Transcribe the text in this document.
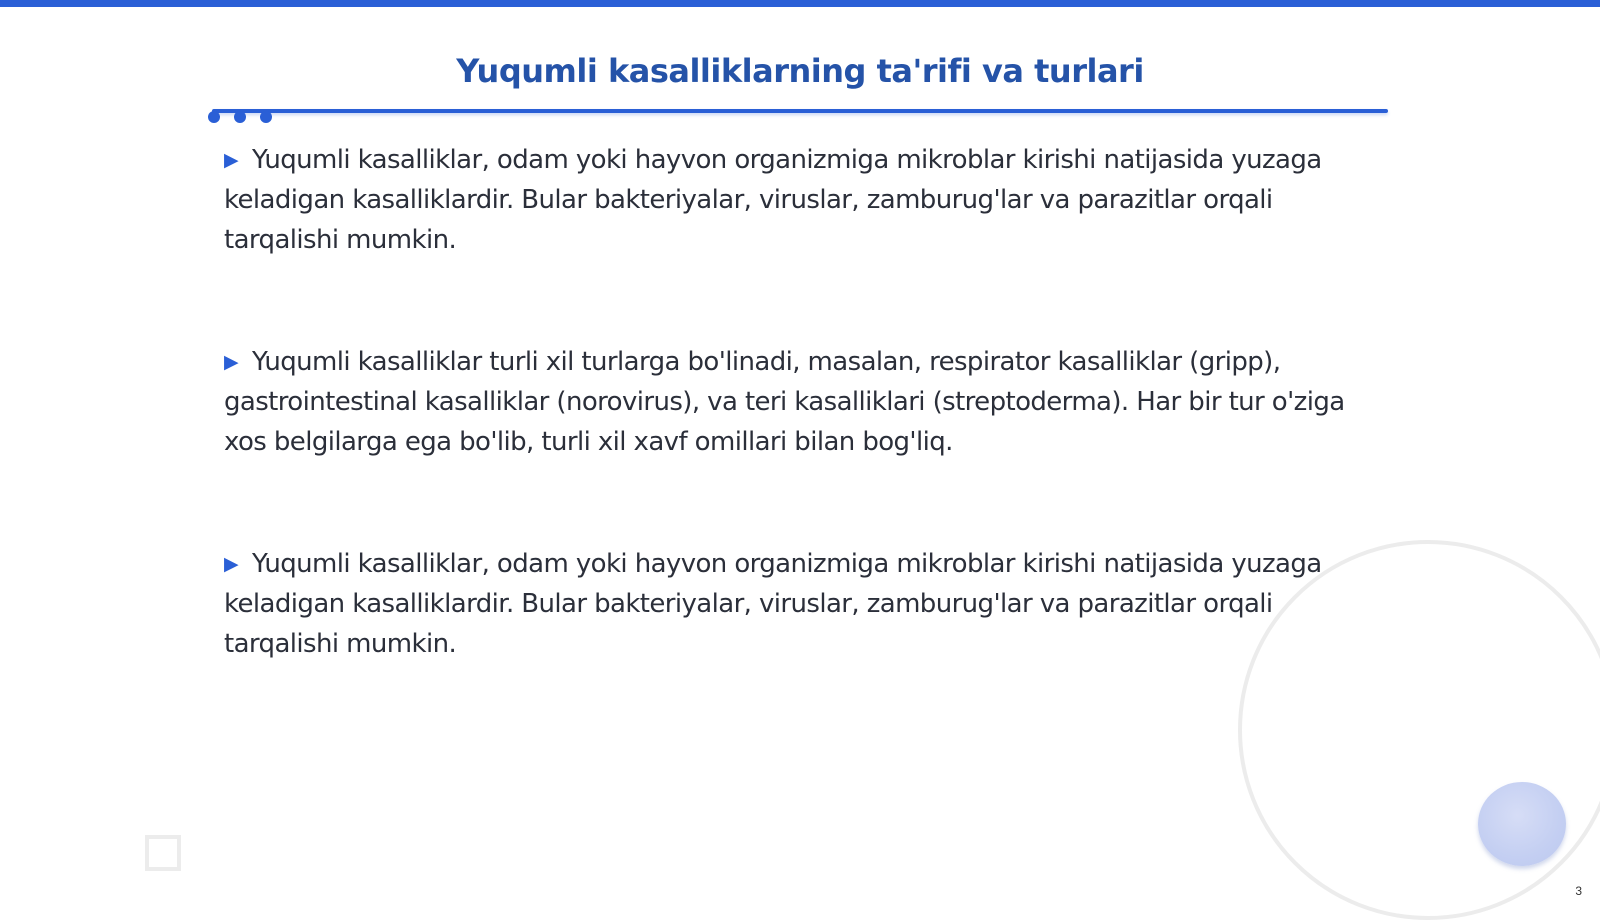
Yuqumli kasalliklarning ta'rifi va turlari

▶ Yuqumli kasalliklar, odam yoki hayvon organizmiga mikroblar kirishi natijasida yuzaga keladigan kasalliklardir. Bular bakteriyalar, viruslar, zamburug'lar va parazitlar orqali tarqalishi mumkin.

▶ Yuqumli kasalliklar turli xil turlarga bo'linadi, masalan, respirator kasalliklar (gripp), gastrointestinal kasalliklar (norovirus), va teri kasalliklari (streptoderma). Har bir tur o'ziga xos belgilarga ega bo'lib, turli xil xavf omillari bilan bog'liq.

▶ Yuqumli kasalliklar, odam yoki hayvon organizmiga mikroblar kirishi natijasida yuzaga keladigan kasalliklardir. Bular bakteriyalar, viruslar, zamburug'lar va parazitlar orqali tarqalishi mumkin.

3
